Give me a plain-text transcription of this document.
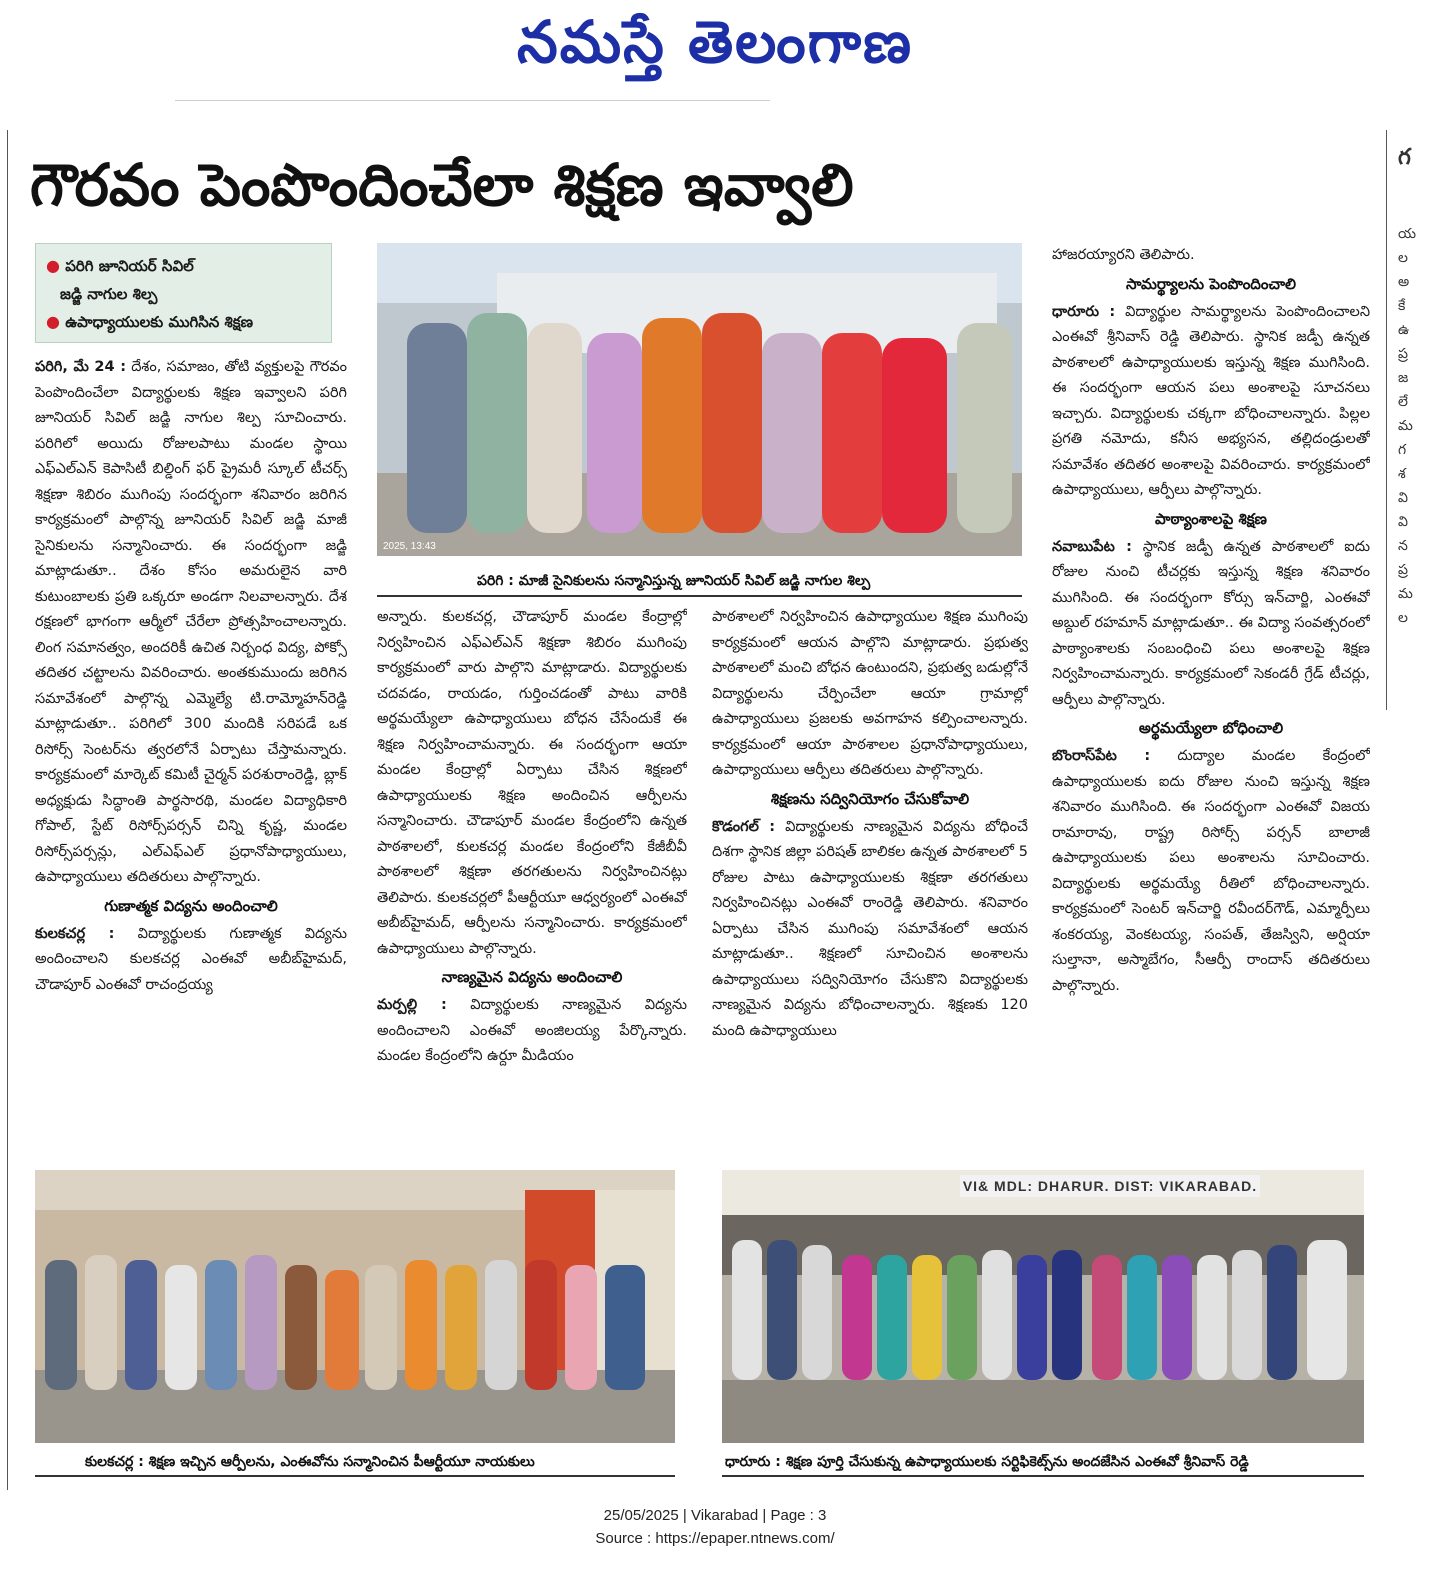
నమస్తే తెలంగాణ
గౌరవం పెంపొందించేలా శిక్షణ ఇవ్వాలి	గ
య
ల
అ
కే
ఉ
ప్ర
జ
లే
మ
గ
శ
వి
వి
న
ప్ర
మ
ల
● పరిగి జూనియర్ సివిల్
జడ్జి నాగుల శిల్ప
● ఉపాధ్యాయులకు ముగిసిన శిక్షణ

పరిగి, మే 24 : దేశం, సమాజం, తోటి వ్యక్తులపై గౌరవం పెంపొందించేలా విద్యార్థులకు శిక్షణ ఇవ్వాలని పరిగి జూనియర్ సివిల్ జడ్జి నాగుల శిల్ప సూచించారు. పరిగిలో అయిదు రోజులపాటు మండల స్థాయి ఎఫ్ఎల్ఎన్ కెపాసిటీ బిల్డింగ్ ఫర్ ప్రైమరీ స్కూల్ టీచర్స్ శిక్షణా శిబిరం ముగింపు సందర్భంగా శనివారం జరిగిన కార్యక్రమంలో పాల్గొన్న జూనియర్ సివిల్ జడ్జి మాజీ సైనికులను సన్మానించారు. ఈ సందర్భంగా జడ్జి మాట్లాడుతూ.. దేశం కోసం అమరులైన వారి కుటుంబాలకు ప్రతి ఒక్కరూ అండగా నిలవాలన్నారు. దేశ రక్షణలో భాగంగా ఆర్మీలో చేరేలా ప్రోత్సహించాలన్నారు. లింగ సమానత్వం, అందరికీ ఉచిత నిర్బంధ విద్య, పోక్సో తదితర చట్టాలను వివరించారు. అంతకుముందు జరిగిన సమావేశంలో పాల్గొన్న ఎమ్మెల్యే టి.రామ్మోహన్‌రెడ్డి మాట్లాడుతూ.. పరిగిలో 300 మందికి సరిపడే ఒక రిసోర్స్ సెంటర్‌ను త్వరలోనే ఏర్పాటు చేస్తామన్నారు. కార్యక్రమంలో మార్కెట్ కమిటీ చైర్మన్ పరశురాంరెడ్డి, బ్లాక్ అధ్యక్షుడు సిద్ధాంతి పార్థసారథి, మండల విద్యాధికారి గోపాల్, స్టేట్ రిసోర్స్‌పర్సన్ చిన్ని కృష్ణ, మండల రిసోర్స్‌పర్సన్లు, ఎల్ఎఫ్ఎల్ ప్రధానోపాధ్యాయులు, ఉపాధ్యాయులు తదితరులు పాల్గొన్నారు.

గుణాత్మక విద్యను అందించాలి

కులకచర్ల : విద్యార్థులకు గుణాత్మక విద్యను అందించాలని కులకచర్ల ఎంఈవో అబీబ్‌హైమద్, చౌడాపూర్ ఎంఈవో రాచంద్రయ్య

2025, 13:43
పరిగి : మాజీ సైనికులను సన్మానిస్తున్న జూనియర్ సివిల్ జడ్జి నాగుల శిల్ప

అన్నారు. కులకచర్ల, చౌడాపూర్ మండల కేంద్రాల్లో నిర్వహించిన ఎఫ్ఎల్ఎన్ శిక్షణా శిబిరం ముగింపు కార్యక్రమంలో వారు పాల్గొని మాట్లాడారు. విద్యార్థులకు చదవడం, రాయడం, గుర్తించడంతో పాటు వారికి అర్థమయ్యేలా ఉపాధ్యాయులు బోధన చేసేందుకే ఈ శిక్షణ నిర్వహించామన్నారు. ఈ సందర్భంగా ఆయా మండల కేంద్రాల్లో ఏర్పాటు చేసిన శిక్షణలో ఉపాధ్యాయులకు శిక్షణ అందించిన ఆర్పీలను సన్మానించారు. చౌడాపూర్ మండల కేంద్రంలోని ఉన్నత పాఠశాలలో, కులకచర్ల మండల కేంద్రంలోని కేజీబీవీ పాఠశాలలో శిక్షణా తరగతులను నిర్వహించినట్లు తెలిపారు. కులకచర్లలో పీఆర్టీయూ ఆధ్వర్యంలో ఎంఈవో అబీబ్‌హైమద్, ఆర్పీలను సన్మానించారు. కార్యక్రమంలో ఉపాధ్యాయులు పాల్గొన్నారు.

నాణ్యమైన విద్యను అందించాలి

మర్పల్లి : విద్యార్థులకు నాణ్యమైన విద్యను అందించాలని ఎంఈవో అంజిలయ్య పేర్కొన్నారు. మండల కేంద్రంలోని ఉర్దూ మీడియం

పాఠశాలలో నిర్వహించిన ఉపాధ్యాయుల శిక్షణ ముగింపు కార్యక్రమంలో ఆయన పాల్గొని మాట్లాడారు. ప్రభుత్వ పాఠశాలలో మంచి బోధన ఉంటుందని, ప్రభుత్వ బడుల్లోనే విద్యార్థులను చేర్పించేలా ఆయా గ్రామాల్లో ఉపాధ్యాయులు ప్రజలకు అవగాహన కల్పించాలన్నారు. కార్యక్రమంలో ఆయా పాఠశాలల ప్రధానోపాధ్యాయులు, ఉపాధ్యాయులు ఆర్పీలు తదితరులు పాల్గొన్నారు.

శిక్షణను సద్వినియోగం చేసుకోవాలి

కొడంగల్ : విద్యార్థులకు నాణ్యమైన విద్యను బోధించే దిశగా స్థానిక జిల్లా పరిషత్ బాలికల ఉన్నత పాఠశాలలో 5 రోజుల పాటు ఉపాధ్యాయులకు శిక్షణా తరగతులు నిర్వహించినట్లు ఎంఈవో రాంరెడ్డి తెలిపారు. శనివారం ఏర్పాటు చేసిన ముగింపు సమావేశంలో ఆయన మాట్లాడుతూ.. శిక్షణలో సూచించిన అంశాలను ఉపాధ్యాయులు సద్వినియోగం చేసుకొని విద్యార్థులకు నాణ్యమైన విద్యను బోధించాలన్నారు. శిక్షణకు 120 మంది ఉపాధ్యాయులు

హాజరయ్యారని తెలిపారు.

సామర్థ్యాలను పెంపొందించాలి

ధారూరు : విద్యార్థుల సామర్థ్యాలను పెంపొందించాలని ఎంఈవో శ్రీనివాస్ రెడ్డి తెలిపారు. స్థానిక జడ్పీ ఉన్నత పాఠశాలలో ఉపాధ్యాయులకు ఇస్తున్న శిక్షణ ముగిసింది. ఈ సందర్భంగా ఆయన పలు అంశాలపై సూచనలు ఇచ్చారు. విద్యార్థులకు చక్కగా బోధించాలన్నారు. పిల్లల ప్రగతి నమోదు, కనీస అభ్యసన, తల్లిదండ్రులతో సమావేశం తదితర అంశాలపై వివరించారు. కార్యక్రమంలో ఉపాధ్యాయులు, ఆర్పీలు పాల్గొన్నారు.

పాఠ్యాంశాలపై శిక్షణ

నవాబుపేట : స్థానిక జడ్పీ ఉన్నత పాఠశాలలో ఐదు రోజుల నుంచి టీచర్లకు ఇస్తున్న శిక్షణ శనివారం ముగిసింది. ఈ సందర్భంగా కోర్సు ఇన్‌చార్జి, ఎంఈవో అబ్దుల్ రహమాన్ మాట్లాడుతూ.. ఈ విద్యా సంవత్సరంలో పాఠ్యాంశాలకు సంబంధించి పలు అంశాలపై శిక్షణ నిర్వహించామన్నారు. కార్యక్రమంలో సెకండరీ గ్రేడ్ టీచర్లు, ఆర్పీలు పాల్గొన్నారు.

అర్థమయ్యేలా బోధించాలి

బొంరాస్‌పేట : దుద్యాల మండల కేంద్రంలో ఉపాధ్యాయులకు ఐదు రోజుల నుంచి ఇస్తున్న శిక్షణ శనివారం ముగిసింది. ఈ సందర్భంగా ఎంఈవో విజయ రామారావు, రాష్ట్ర రిసోర్స్ పర్సన్ బాలాజీ ఉపాధ్యాయులకు పలు అంశాలను సూచించారు. విద్యార్థులకు అర్థమయ్యే రీతిలో బోధించాలన్నారు. కార్యక్రమంలో సెంటర్ ఇన్‌చార్జి రవీందర్‌గౌడ్, ఎమ్మార్పీలు శంకరయ్య, వెంకటయ్య, సంపత్, తేజస్విని, అర్షియా సుల్తానా, అస్మాబేగం, సీఆర్పీ రాందాస్ తదితరులు పాల్గొన్నారు.

కులకచర్ల : శిక్షణ ఇచ్చిన ఆర్పీలను, ఎంఈవోను సన్మానించిన పీఆర్టీయూ నాయకులు
VI& MDL: DHARUR. DIST: VIKARABAD.
ధారూరు : శిక్షణ పూర్తి చేసుకున్న ఉపాధ్యాయులకు సర్టిఫికెట్స్‌ను అందజేసిన ఎంఈవో శ్రీనివాస్ రెడ్డి
25/05/2025 | Vikarabad | Page : 3
Source : https://epaper.ntnews.com/
